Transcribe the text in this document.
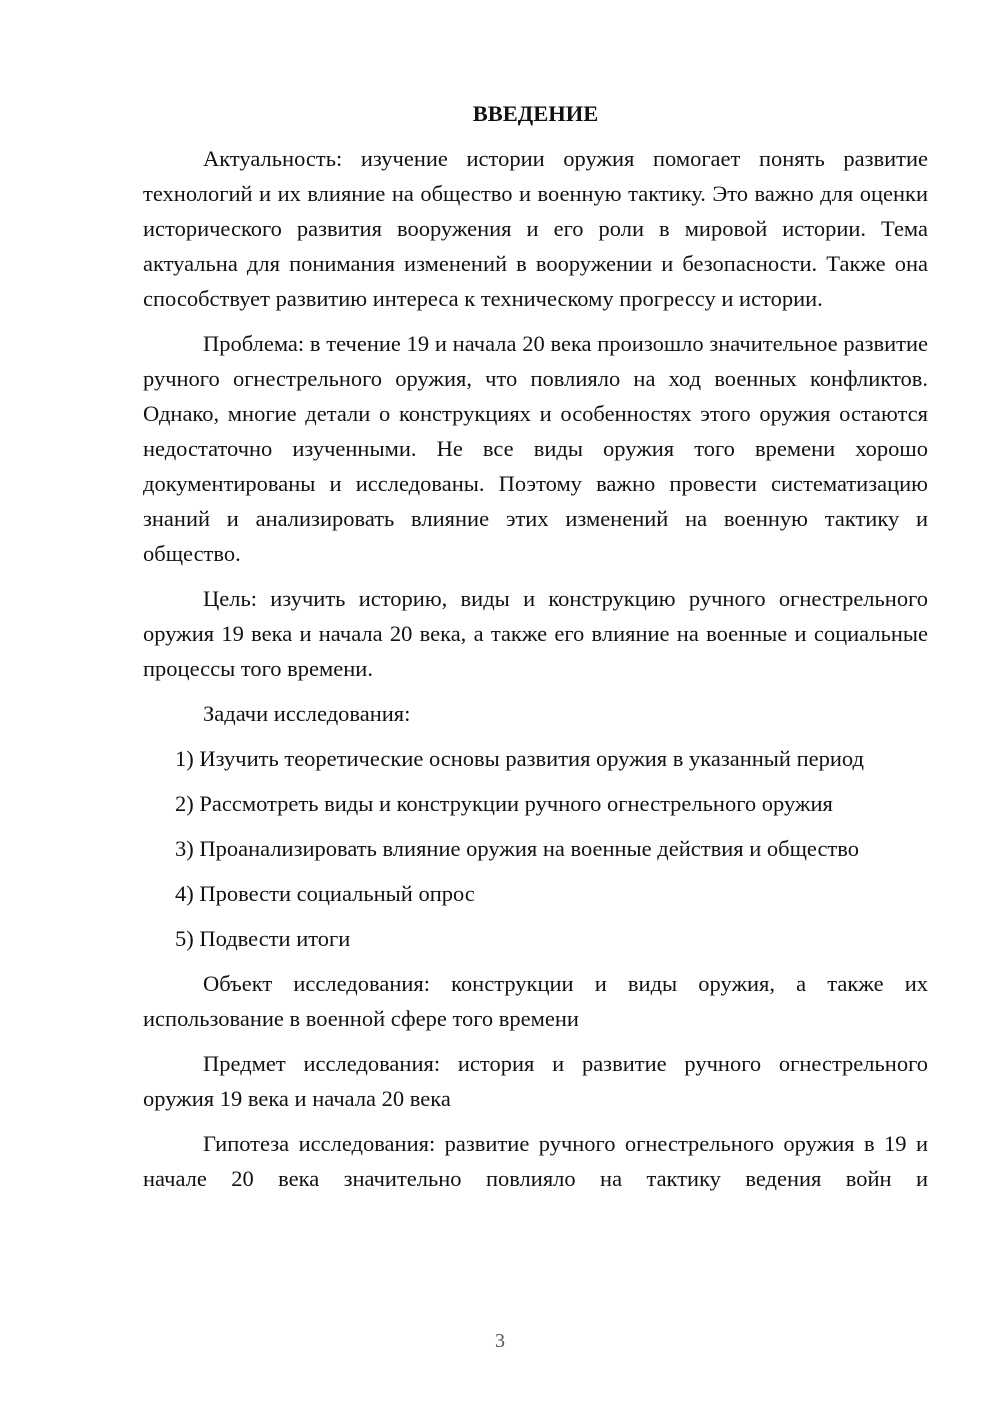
ВВЕДЕНИЕ

Актуальность: изучение истории оружия помогает понять развитие технологий и их влияние на общество и военную тактику. Это важно для оценки исторического развития вооружения и его роли в мировой истории. Тема актуальна для понимания изменений в вооружении и безопасности. Также она способствует развитию интереса к техническому прогрессу и истории.

Проблема: в течение 19 и начала 20 века произошло значительное развитие ручного огнестрельного оружия, что повлияло на ход военных конфликтов. Однако, многие детали о конструкциях и особенностях этого оружия остаются недостаточно изученными. Не все виды оружия того времени хорошо документированы и исследованы. Поэтому важно провести систематизацию знаний и анализировать влияние этих изменений на военную тактику и общество.

Цель: изучить историю, виды и конструкцию ручного огнестрельного оружия 19 века и начала 20 века, а также его влияние на военные и социальные процессы того времени.

Задачи исследования:

1) Изучить теоретические основы развития оружия в указанный период

2) Рассмотреть виды и конструкции ручного огнестрельного оружия

3) Проанализировать влияние оружия на военные действия и общество

4) Провести социальный опрос

5) Подвести итоги

Объект исследования: конструкции и виды оружия, а также их использование в военной сфере того времени

Предмет исследования: история и развитие ручного огнестрельного оружия 19 века и начала 20 века

Гипотеза исследования: развитие ручного огнестрельного оружия в 19 и начале 20 века значительно повлияло на тактику ведения войн и

3
